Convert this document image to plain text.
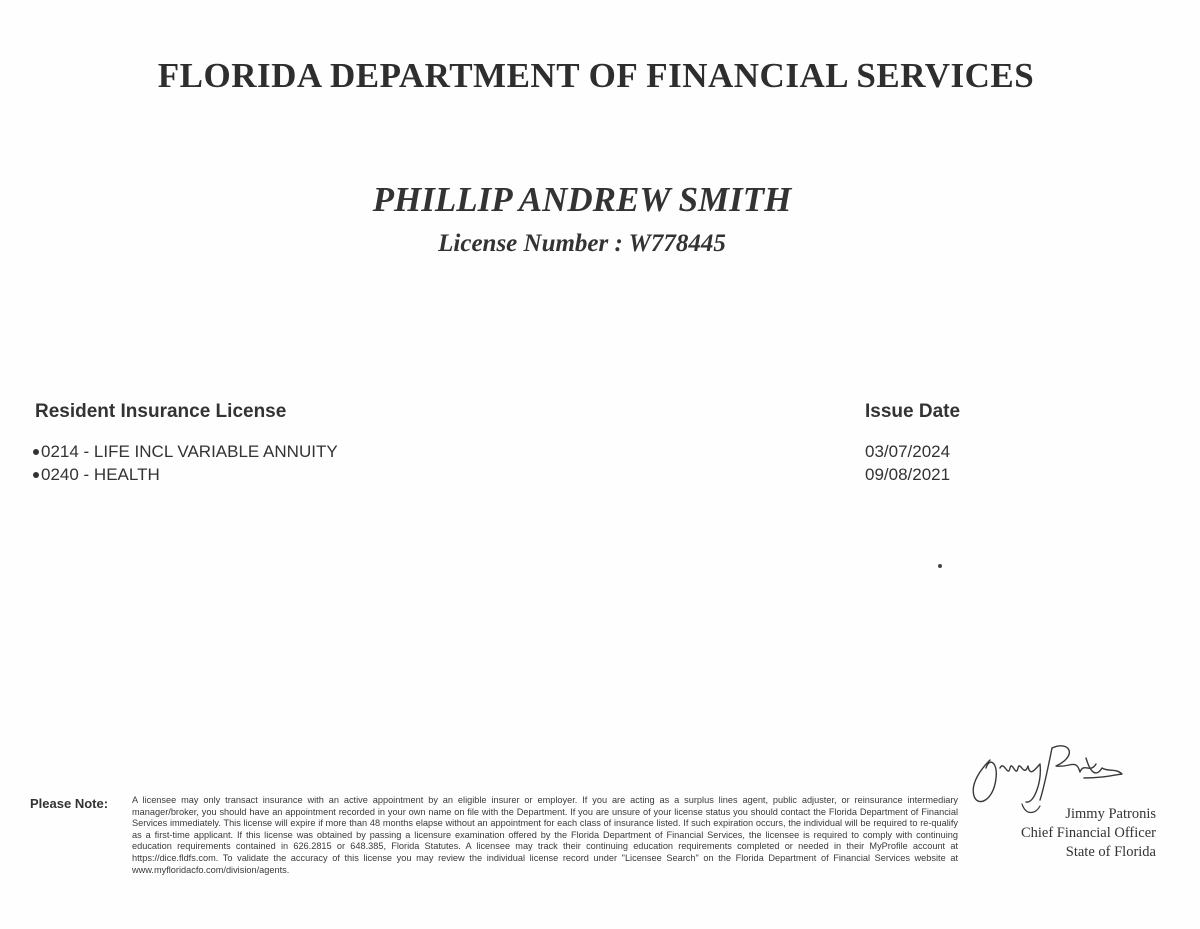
FLORIDA DEPARTMENT OF FINANCIAL SERVICES
PHILLIP ANDREW SMITH
License Number : W778445
Resident Insurance License	Issue Date
0214 - LIFE INCL VARIABLE ANNUITY
0240 - HEALTH
03/07/2024
09/08/2021
Please Note:	A licensee may only transact insurance with an active appointment by an eligible insurer or employer. If you are acting as a surplus lines agent, public adjuster, or reinsurance intermediary manager/broker, you should have an appointment recorded in your own name on file with the Department. If you are unsure of your license status you should contact the Florida Department of Financial Services immediately. This license will expire if more than 48 months elapse without an appointment for each class of insurance listed. If such expiration occurs, the individual will be required to re-qualify as a first-time applicant. If this license was obtained by passing a licensure examination offered by the Florida Department of Financial Services, the licensee is required to comply with continuing education requirements contained in 626.2815 or 648.385, Florida Statutes. A licensee may track their continuing education requirements completed or needed in their MyProfile account at https://dice.fldfs.com. To validate the accuracy of this license you may review the individual license record under "Licensee Search" on the Florida Department of Financial Services website at www.myfloridacfo.com/division/agents.
Jimmy Patronis
Chief Financial Officer
State of Florida
